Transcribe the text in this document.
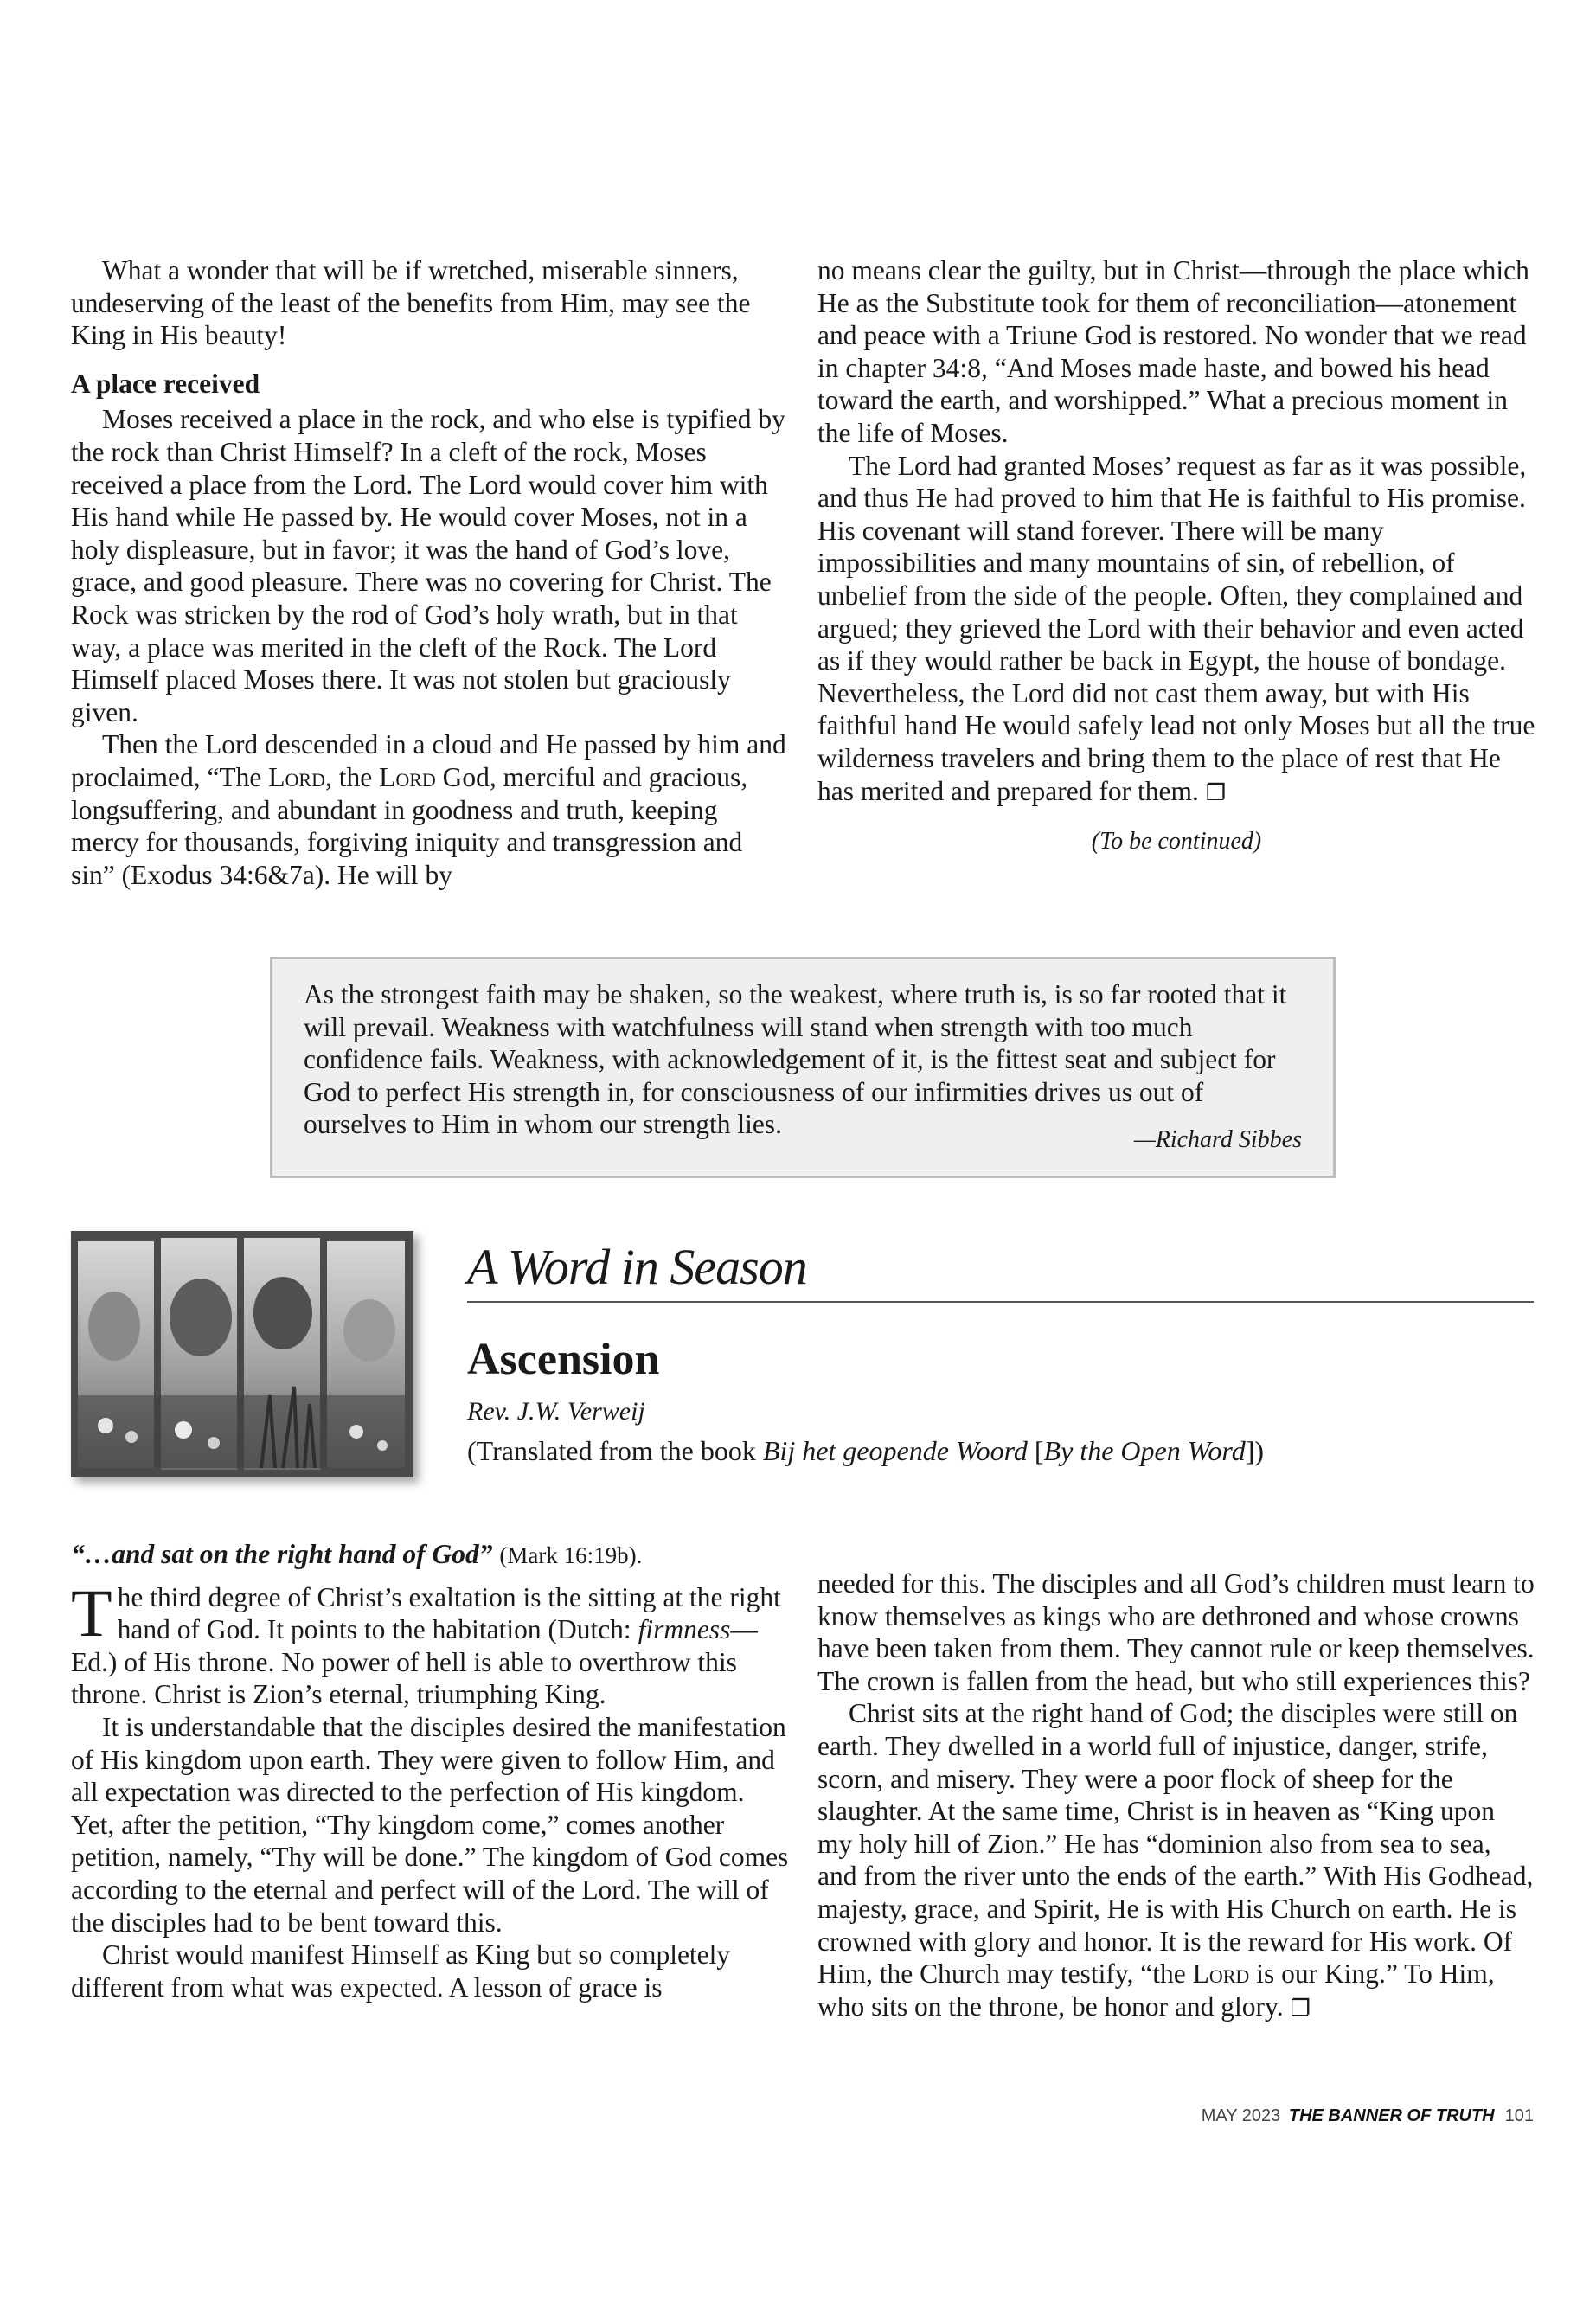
What a wonder that will be if wretched, miserable sinners, undeserving of the least of the benefits from Him, may see the King in His beauty!

A place received

Moses received a place in the rock, and who else is typified by the rock than Christ Himself? In a cleft of the rock, Moses received a place from the Lord. The Lord would cover him with His hand while He passed by. He would cover Moses, not in a holy displeasure, but in favor; it was the hand of God’s love, grace, and good pleasure. There was no covering for Christ. The Rock was stricken by the rod of God’s holy wrath, but in that way, a place was merited in the cleft of the Rock. The Lord Himself placed Moses there. It was not stolen but graciously given.

Then the Lord descended in a cloud and He passed by him and proclaimed, “The Lord, the Lord God, merciful and gracious, longsuffering, and abundant in goodness and truth, keeping mercy for thousands, forgiving iniquity and transgression and sin” (Exodus 34:6&7a). He will by

no means clear the guilty, but in Christ—through the place which He as the Substitute took for them of reconciliation—atonement and peace with a Triune God is restored. No wonder that we read in chapter 34:8, “And Moses made haste, and bowed his head toward the earth, and worshipped.” What a precious moment in the life of Moses.

The Lord had granted Moses’ request as far as it was possible, and thus He had proved to him that He is faithful to His promise. His covenant will stand forever. There will be many impossibilities and many mountains of sin, of rebellion, of unbelief from the side of the people. Often, they complained and argued; they grieved the Lord with their behavior and even acted as if they would rather be back in Egypt, the house of bondage. Nevertheless, the Lord did not cast them away, but with His faithful hand He would safely lead not only Moses but all the true wilderness travelers and bring them to the place of rest that He has merited and prepared for them. ❐

(To be continued)

As the strongest faith may be shaken, so the weakest, where truth is, is so far rooted that it will prevail. Weakness with watchfulness will stand when strength with too much confidence fails. Weakness, with acknowledgement of it, is the fittest seat and subject for God to perfect His strength in, for consciousness of our infirmities drives us out of ourselves to Him in whom our strength lies.

—Richard Sibbes
A Word in Season
Ascension
Rev. J.W. Verweij
(Translated from the book Bij het geopende Woord [By the Open Word])

“…and sat on the right hand of God” (Mark 16:19b).

The third degree of Christ’s exaltation is the sitting at the right hand of God. It points to the habitation (Dutch: firmness—Ed.) of His throne. No power of hell is able to overthrow this throne. Christ is Zion’s eternal, triumphing King.

It is understandable that the disciples desired the manifestation of His kingdom upon earth. They were given to follow Him, and all expectation was directed to the perfection of His kingdom. Yet, after the petition, “Thy kingdom come,” comes another petition, namely, “Thy will be done.” The kingdom of God comes according to the eternal and perfect will of the Lord. The will of the disciples had to be bent toward this.

Christ would manifest Himself as King but so completely different from what was expected. A lesson of grace is

needed for this. The disciples and all God’s children must learn to know themselves as kings who are dethroned and whose crowns have been taken from them. They cannot rule or keep themselves. The crown is fallen from the head, but who still experiences this?

Christ sits at the right hand of God; the disciples were still on earth. They dwelled in a world full of injustice, danger, strife, scorn, and misery. They were a poor flock of sheep for the slaughter. At the same time, Christ is in heaven as “King upon my holy hill of Zion.” He has “dominion also from sea to sea, and from the river unto the ends of the earth.” With His Godhead, majesty, grace, and Spirit, He is with His Church on earth. He is crowned with glory and honor. It is the reward for His work. Of Him, the Church may testify, “the Lord is our King.” To Him, who sits on the throne, be honor and glory. ❐

MAY 2023 THE BANNER OF TRUTH 101
